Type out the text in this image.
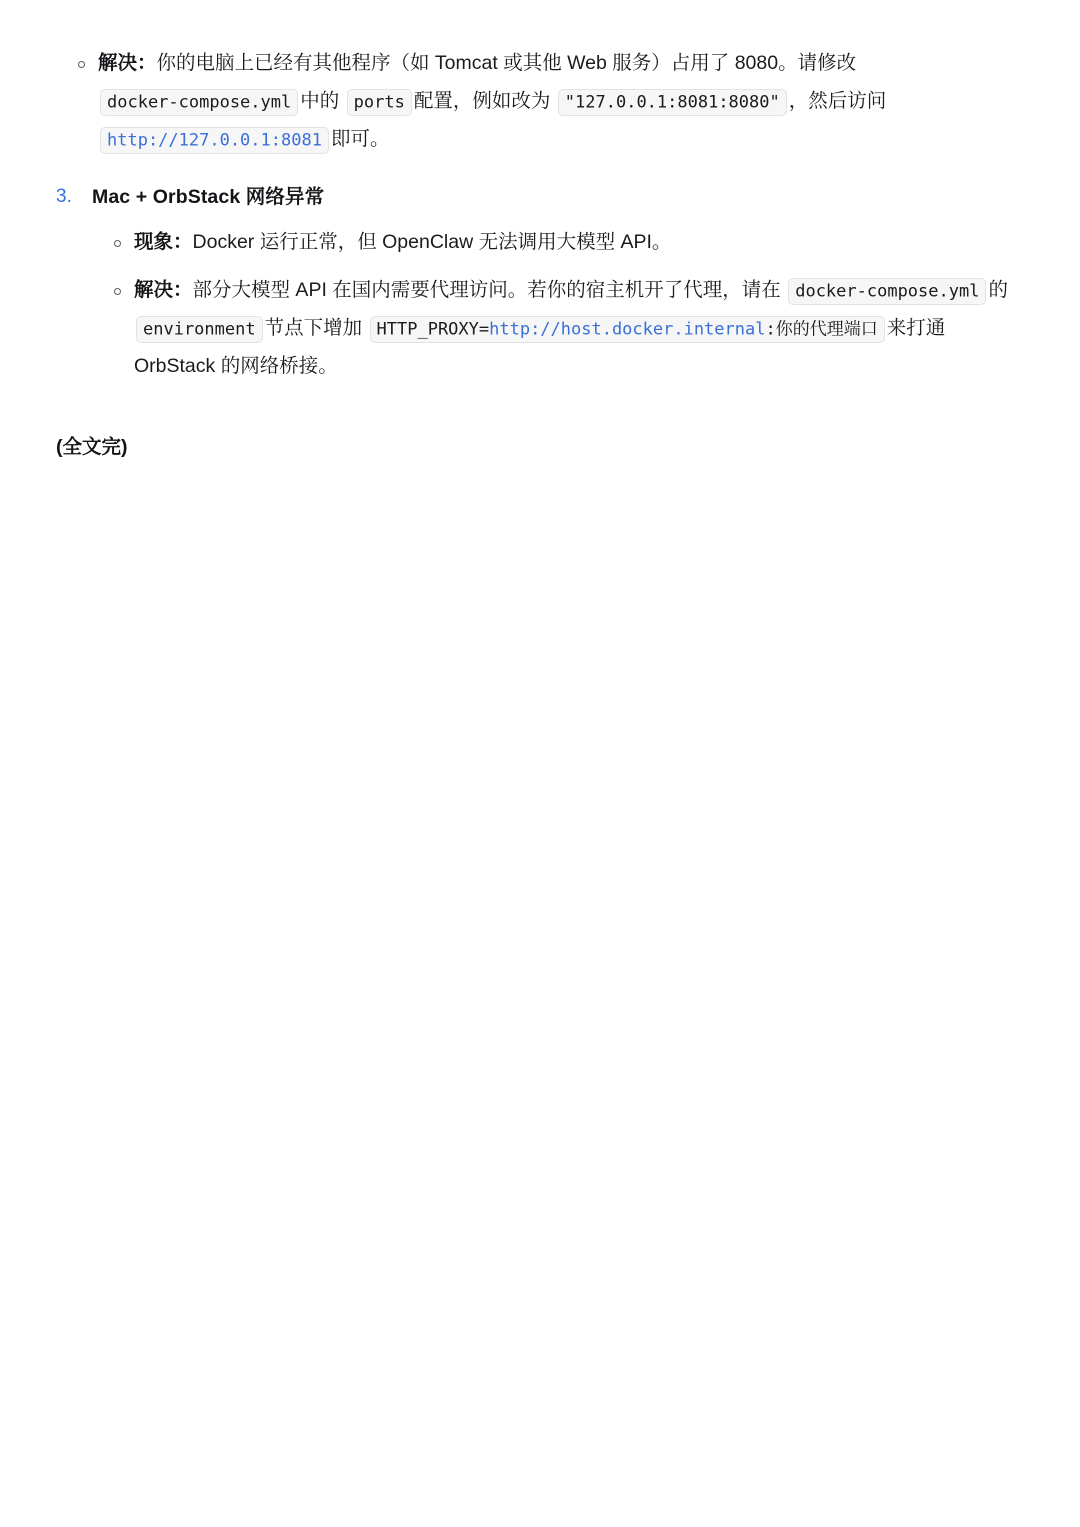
解决：你的电脑上已经有其他程序（如 Tomcat 或其他 Web 服务）占用了 8080。请修改 docker-compose.yml 中的 ports 配置，例如改为 "127.0.0.1:8081:8080" ，然后访问 http://127.0.0.1:8081 即可。
3. Mac + OrbStack 网络异常
现象：Docker 运行正常，但 OpenClaw 无法调用大模型 API。
解决：部分大模型 API 在国内需要代理访问。若你的宿主机开了代理，请在 docker-compose.yml 的 environment 节点下增加 HTTP_PROXY=http://host.docker.internal:你的代理端口 来打通 OrbStack 的网络桥接。
(全文完)
